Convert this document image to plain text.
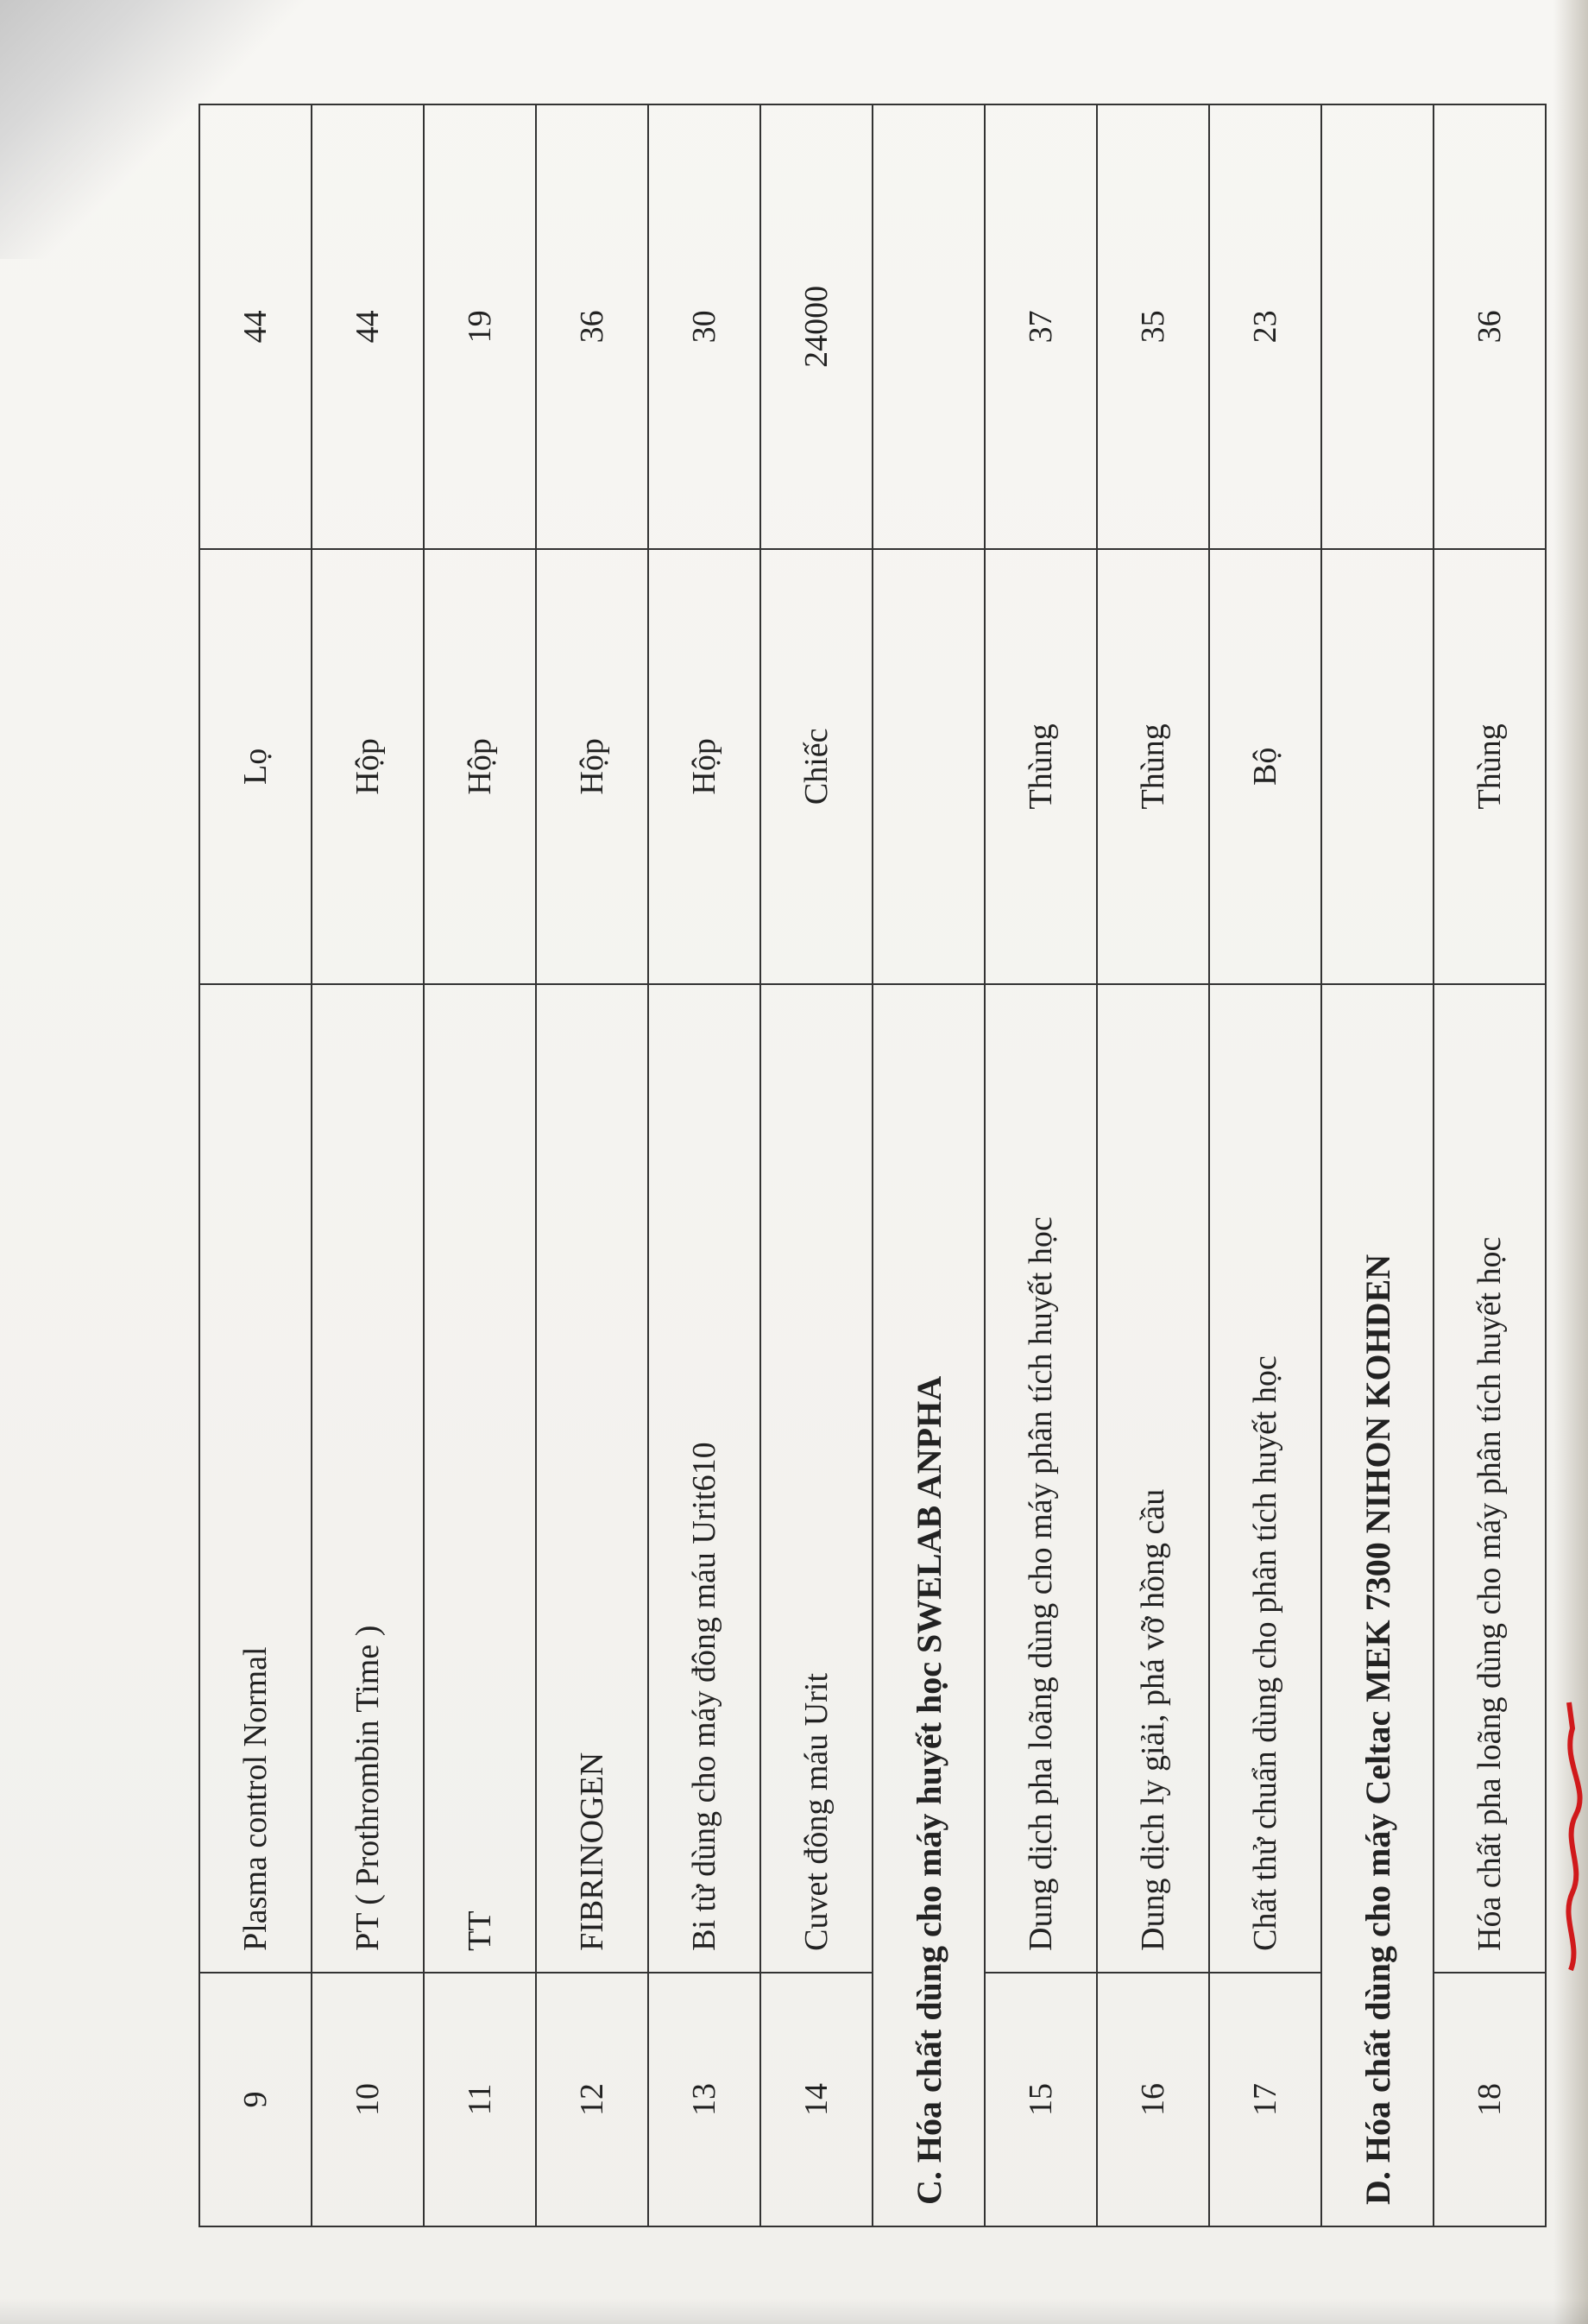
9	Plasma control Normal	Lọ	44
10	PT ( Prothrombin Time )	Hộp	44
11	TT	Hộp	19
12	FIBRINOGEN	Hộp	36
13	Bi từ dùng cho máy đông máu Urit610	Hộp	30
14	Cuvet đông máu Urit	Chiếc	24000
C. Hóa chất dùng cho máy huyết học SWELAB ANPHA			
15	Dung dịch pha loãng dùng cho máy phân tích huyết học	Thùng	37
16	Dung dịch ly giải, phá vỡ hồng cầu	Thùng	35
17	Chất thử chuẩn dùng cho phân tích huyết học	Bộ	23
D. Hóa chất dùng cho máy Celtac MEK 7300 NIHON KOHDEN			
18	Hóa chất pha loãng dùng cho máy phân tích huyết học	Thùng	36
